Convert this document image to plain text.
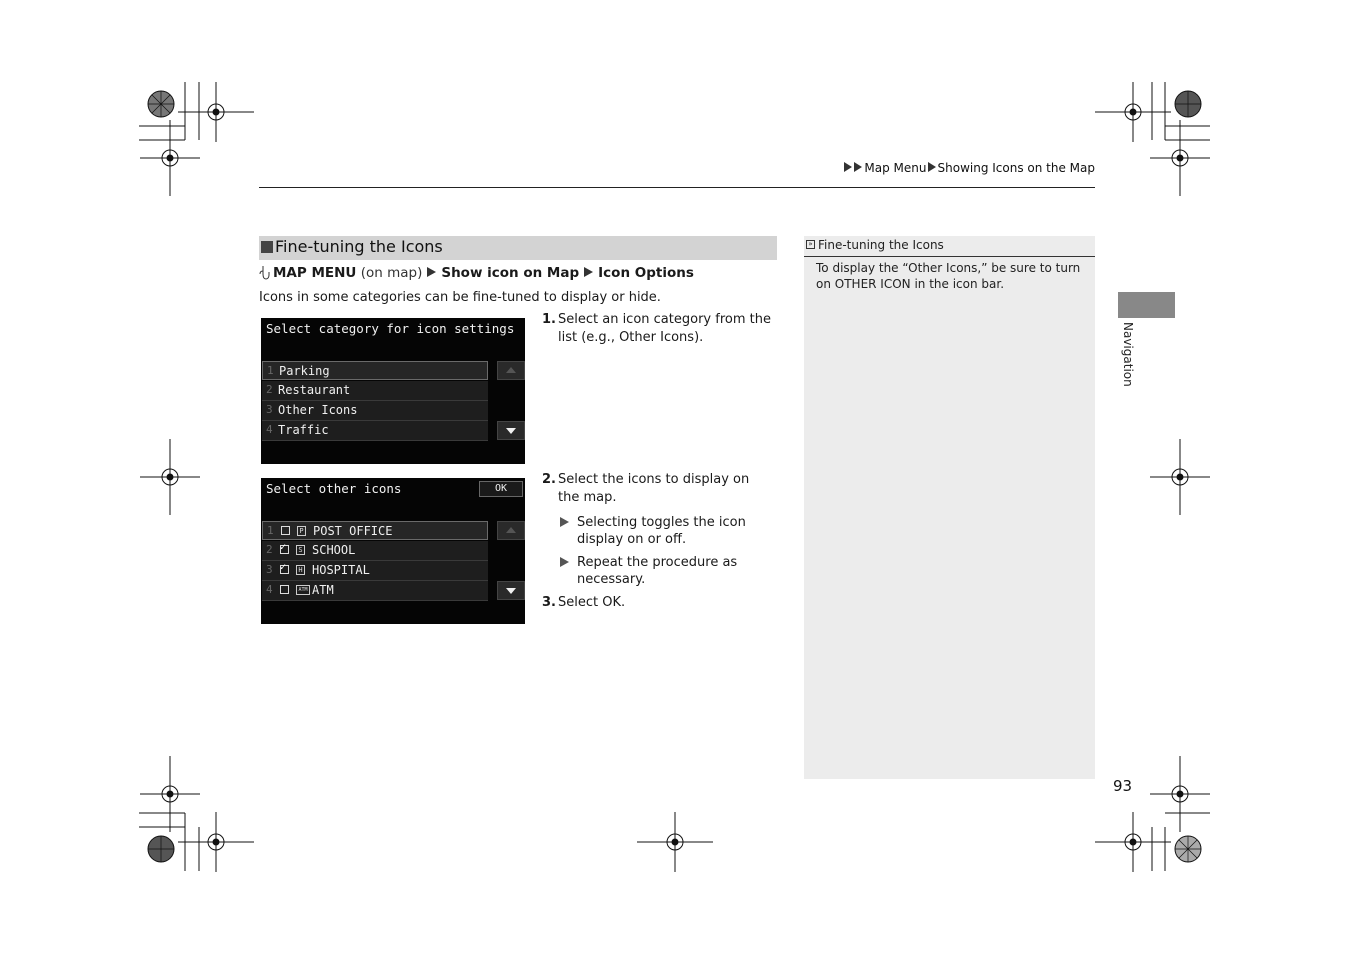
Map Menu Showing Icons on the Map
Fine-tuning the Icons
MAP MENU (on map) Show icon on Map Icon Options
Icons in some categories can be fine-tuned to display or hide.
Select category for icon settings
1 Parking
2 Restaurant
3 Other Icons
4 Traffic
Select other icons	OK
1	P POST OFFICE
2 ✓	S SCHOOL
3 ✓	H HOSPITAL
4	ATM ATM
1. Select an icon category from the list (e.g., Other Icons).
2. Select the icons to display on the map.
Selecting toggles the icon display on or off.
Repeat the procedure as necessary.
3. Select OK.
» Fine-tuning the Icons
To display the “Other Icons,” be sure to turn on OTHER ICON in the icon bar.
Navigation
93
